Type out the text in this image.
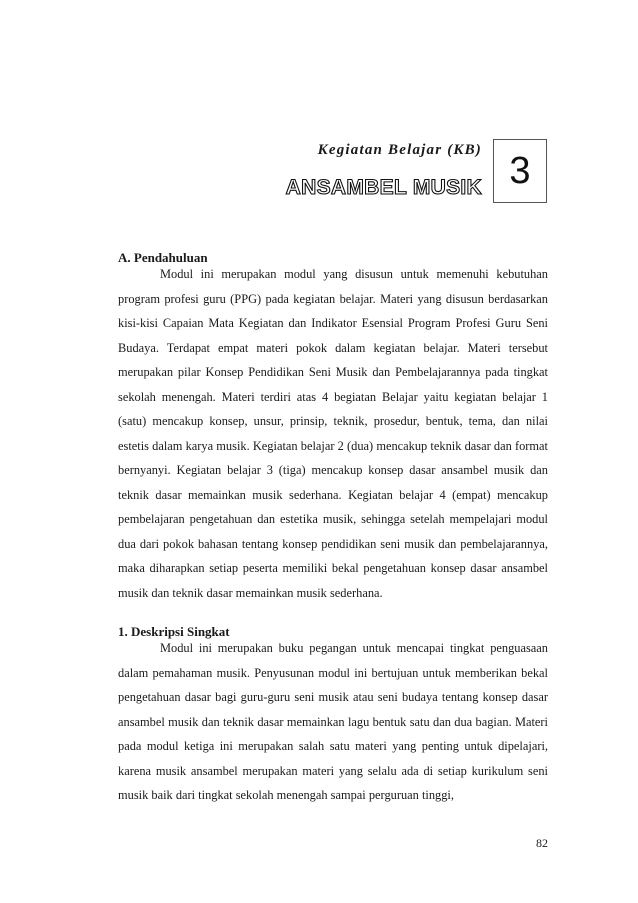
Kegiatan Belajar (KB)
ANSAMBEL MUSIK 3
A. Pendahuluan

Modul ini merupakan modul yang disusun untuk memenuhi kebutuhan program profesi guru (PPG) pada kegiatan belajar. Materi yang disusun berdasarkan kisi-kisi Capaian Mata Kegiatan dan Indikator Esensial Program Profesi Guru Seni Budaya. Terdapat empat materi pokok dalam kegiatan belajar. Materi tersebut merupakan pilar Konsep Pendidikan Seni Musik dan Pembelajarannya pada tingkat sekolah menengah. Materi terdiri atas 4 begiatan Belajar yaitu kegiatan belajar 1 (satu) mencakup konsep, unsur, prinsip, teknik, prosedur, bentuk, tema, dan nilai estetis dalam karya musik. Kegiatan belajar 2 (dua) mencakup teknik dasar dan format bernyanyi. Kegiatan belajar 3 (tiga) mencakup konsep dasar ansambel musik dan teknik dasar memainkan musik sederhana. Kegiatan belajar 4 (empat) mencakup pembelajaran pengetahuan dan estetika musik, sehingga setelah mempelajari modul dua dari pokok bahasan tentang konsep pendidikan seni musik dan pembelajarannya, maka diharapkan setiap peserta memiliki bekal pengetahuan konsep dasar ansambel musik dan teknik dasar memainkan musik sederhana.

1. Deskripsi Singkat

Modul ini merupakan buku pegangan untuk mencapai tingkat penguasaan dalam pemahaman musik. Penyusunan modul ini bertujuan untuk memberikan bekal pengetahuan dasar bagi guru-guru seni musik atau seni budaya tentang konsep dasar ansambel musik dan teknik dasar memainkan lagu bentuk satu dan dua bagian. Materi pada modul ketiga ini merupakan salah satu materi yang penting untuk dipelajari, karena musik ansambel merupakan materi yang selalu ada di setiap kurikulum seni musik baik dari tingkat sekolah menengah sampai perguruan tinggi,

82
